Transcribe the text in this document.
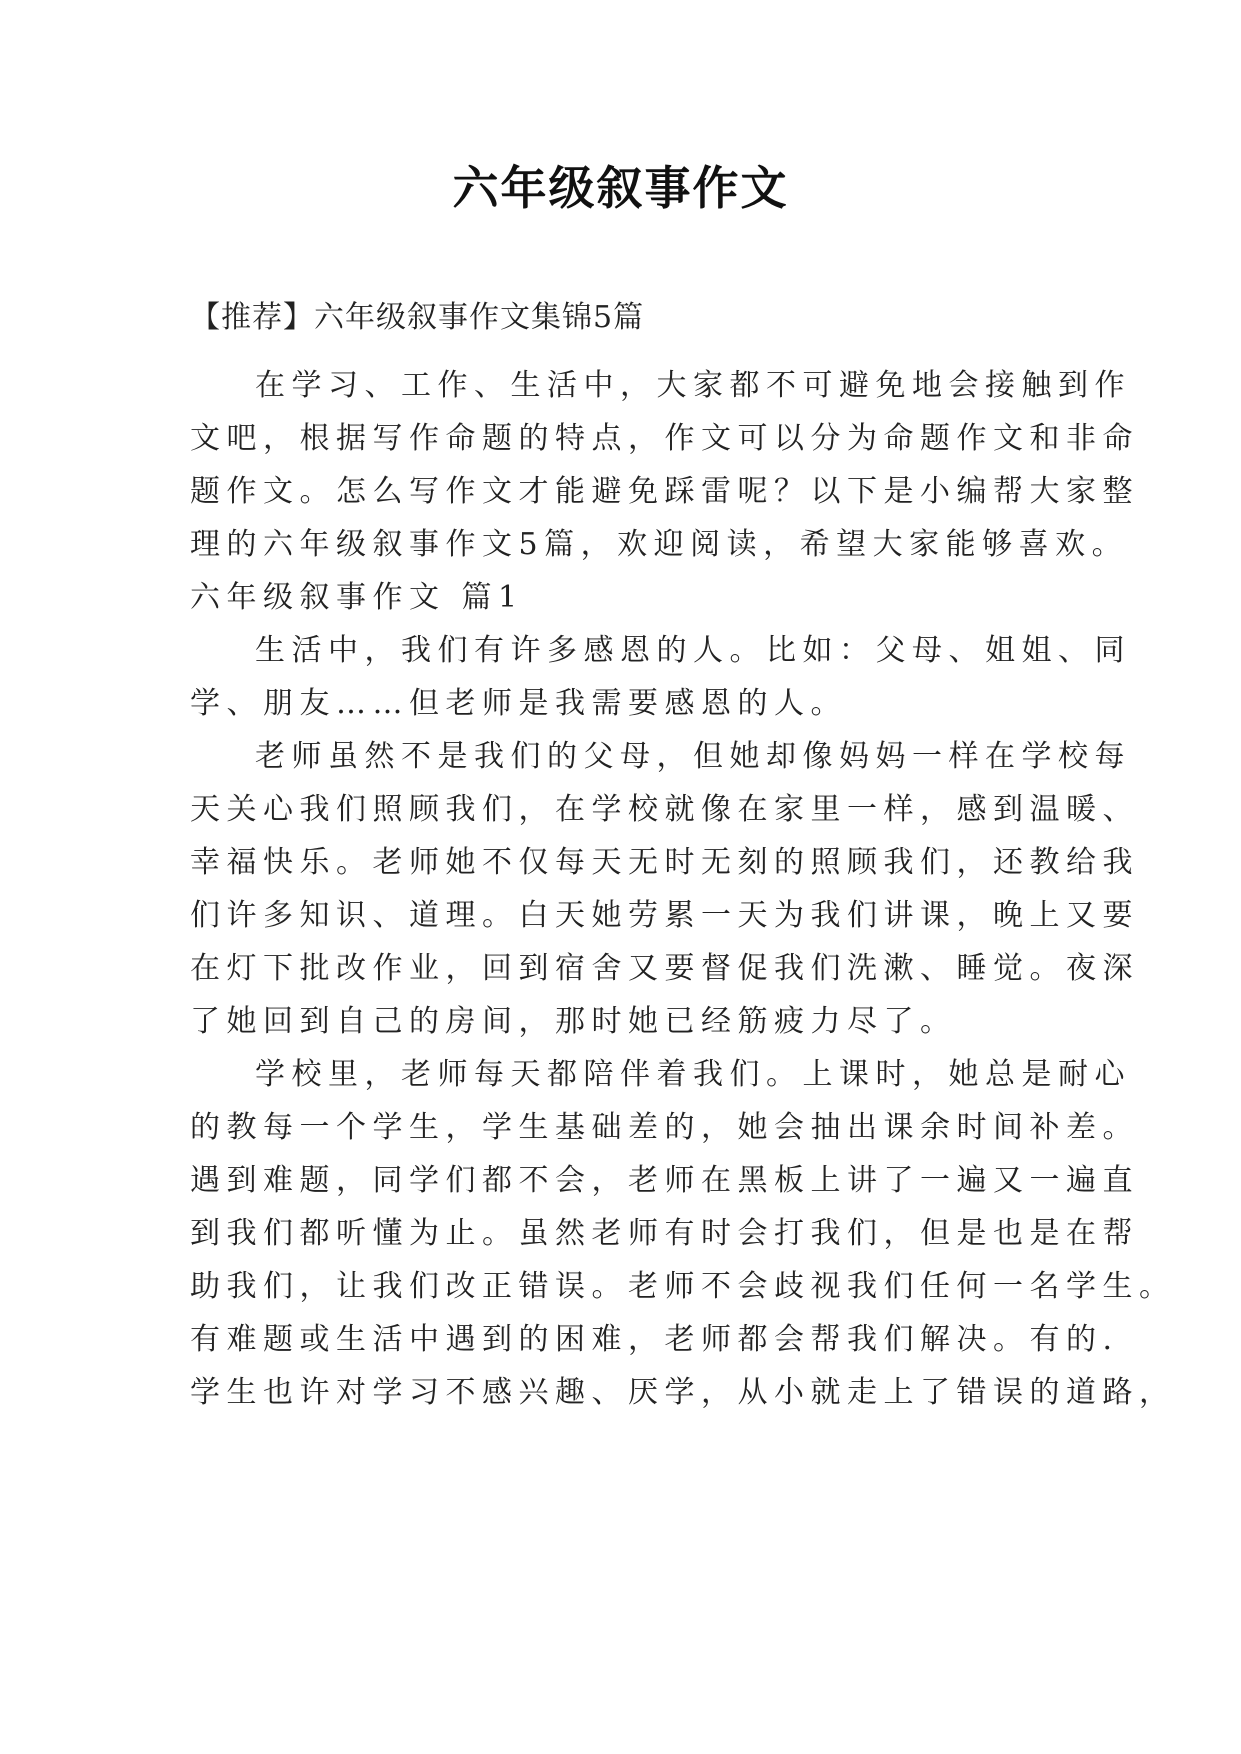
六年级叙事作文
【推荐】六年级叙事作文集锦5篇
在学习、工作、生活中，大家都不可避免地会接触到作
文吧，根据写作命题的特点，作文可以分为命题作文和非命
题作文。怎么写作文才能避免踩雷呢？以下是小编帮大家整
理的六年级叙事作文5篇，欢迎阅读，希望大家能够喜欢。
六年级叙事作文 篇1
生活中，我们有许多感恩的人。比如：父母、姐姐、同
学、朋友……但老师是我需要感恩的人。
老师虽然不是我们的父母，但她却像妈妈一样在学校每
天关心我们照顾我们，在学校就像在家里一样，感到温暖、
幸福快乐。老师她不仅每天无时无刻的照顾我们，还教给我
们许多知识、道理。白天她劳累一天为我们讲课，晚上又要
在灯下批改作业，回到宿舍又要督促我们洗漱、睡觉。夜深
了她回到自己的房间，那时她已经筋疲力尽了。
学校里，老师每天都陪伴着我们。上课时，她总是耐心
的教每一个学生，学生基础差的，她会抽出课余时间补差。
遇到难题，同学们都不会，老师在黑板上讲了一遍又一遍直
到我们都听懂为止。虽然老师有时会打我们，但是也是在帮
助我们，让我们改正错误。老师不会歧视我们任何一名学生。
有难题或生活中遇到的困难，老师都会帮我们解决。有的.
学生也许对学习不感兴趣、厌学，从小就走上了错误的道路，
